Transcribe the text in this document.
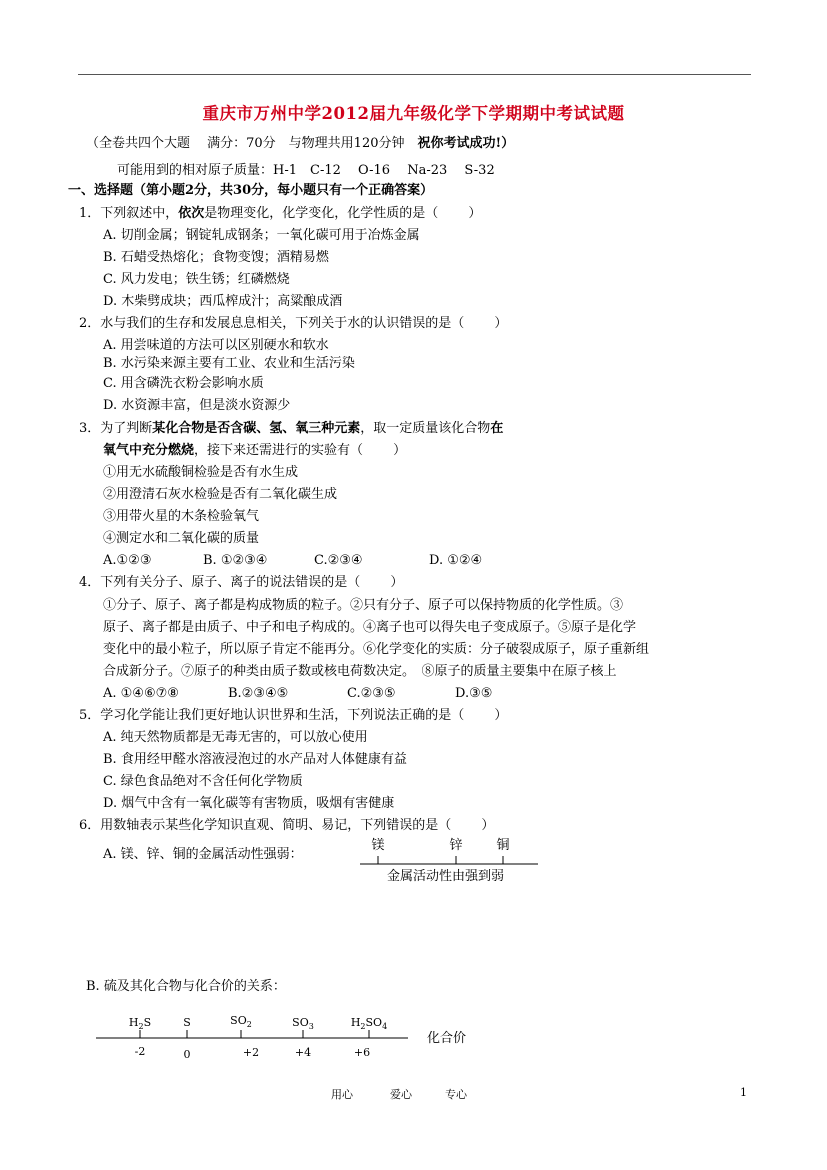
重庆市万州中学2012届九年级化学下学期期中考试试题
（全卷共四个大题　 满分：70分　与物理共用120分钟　祝你考试成功!）
可能用到的相对原子质量：H-1　C-12　 O-16　 Na-23　 S-32
一、选择题（第小题2分，共30分，每小题只有一个正确答案）
1．下列叙述中，依次是物理变化，化学变化，化学性质的是（　　 ）
A. 切削金属；钢锭轧成钢条；一氧化碳可用于冶炼金属
B. 石蜡受热熔化；食物变馊；酒精易燃
C. 风力发电；铁生锈；红磷燃烧
D. 木柴劈成块；西瓜榨成汁；高粱酿成酒
2．水与我们的生存和发展息息相关，下列关于水的认识错误的是（　　 ）
A. 用尝味道的方法可以区别硬水和软水
B. 水污染来源主要有工业、农业和生活污染
C. 用含磷洗衣粉会影响水质
D. 水资源丰富，但是淡水资源少
3．为了判断某化合物是否含碳、氢、氧三种元素，取一定质量该化合物在
氧气中充分燃烧，接下来还需进行的实验有（　　 ）
①用无水硫酸铜检验是否有水生成
②用澄清石灰水检验是否有二氧化碳生成
③用带火星的木条检验氧气
④测定水和二氧化碳的质量
A.①②③	B. ①②③④	C.②③④	D. ①②④
4．下列有关分子、原子、离子的说法错误的是（　　 ）
①分子、原子、离子都是构成物质的粒子。②只有分子、原子可以保持物质的化学性质。③
原子、离子都是由质子、中子和电子构成的。④离子也可以得失电子变成原子。⑤原子是化学
变化中的最小粒子，所以原子肯定不能再分。⑥化学变化的实质：分子破裂成原子，原子重新组
合成新分子。⑦原子的种类由质子数或核电荷数决定。　⑧原子的质量主要集中在原子核上
A. ①④⑥⑦⑧	B.②③④⑤	C.②③⑤	D.③⑤
5．学习化学能让我们更好地认识世界和生活，下列说法正确的是（　　 ）
A. 纯天然物质都是无毒无害的，可以放心使用
B. 食用经甲醛水溶液浸泡过的水产品对人体健康有益
C. 绿色食品绝对不含任何化学物质
D. 烟气中含有一氧化碳等有害物质，吸烟有害健康
6．用数轴表示某些化学知识直观、简明、易记，下列错误的是（　　 ）
A. 镁、锌、铜的金属活动性强弱：
镁	锌	铜
金属活动性由强到弱
B. 硫及其化合物与化合价的关系：
$H_2S$	S	$SO_2$	$SO_3$	$H_2SO_4$
-2	0	+2	+4	+6
化合价
用心	爱心	专心	1
